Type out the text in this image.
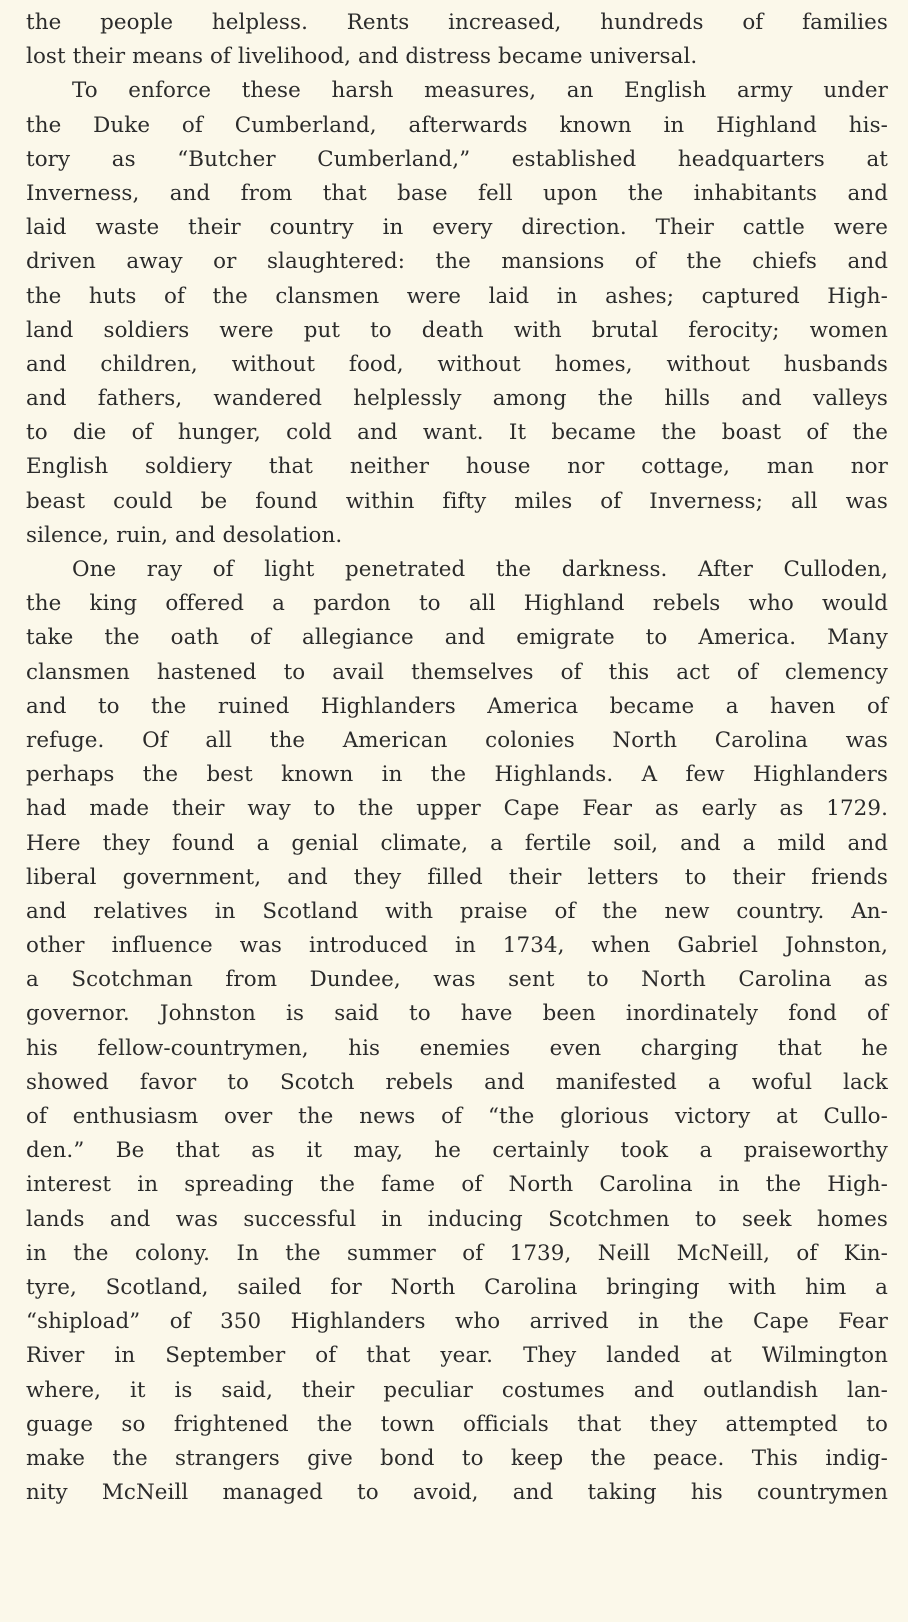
the people helpless. Rents increased, hundreds of families
lost their means of livelihood, and distress became universal.
To enforce these harsh measures, an English army under
the Duke of Cumberland, afterwards known in Highland his-
tory as “Butcher Cumberland,” established headquarters at
Inverness, and from that base fell upon the inhabitants and
laid waste their country in every direction. Their cattle were
driven away or slaughtered: the mansions of the chiefs and
the huts of the clansmen were laid in ashes; captured High-
land soldiers were put to death with brutal ferocity; women
and children, without food, without homes, without husbands
and fathers, wandered helplessly among the hills and valleys
to die of hunger, cold and want. It became the boast of the
English soldiery that neither house nor cottage, man nor
beast could be found within fifty miles of Inverness; all was
silence, ruin, and desolation.
One ray of light penetrated the darkness. After Culloden,
the king offered a pardon to all Highland rebels who would
take the oath of allegiance and emigrate to America. Many
clansmen hastened to avail themselves of this act of clemency
and to the ruined Highlanders America became a haven of
refuge. Of all the American colonies North Carolina was
perhaps the best known in the Highlands. A few Highlanders
had made their way to the upper Cape Fear as early as 1729.
Here they found a genial climate, a fertile soil, and a mild and
liberal government, and they filled their letters to their friends
and relatives in Scotland with praise of the new country. An-
other influence was introduced in 1734, when Gabriel Johnston,
a Scotchman from Dundee, was sent to North Carolina as
governor. Johnston is said to have been inordinately fond of
his fellow-countrymen, his enemies even charging that he
showed favor to Scotch rebels and manifested a woful lack
of enthusiasm over the news of “the glorious victory at Cullo-
den.” Be that as it may, he certainly took a praiseworthy
interest in spreading the fame of North Carolina in the High-
lands and was successful in inducing Scotchmen to seek homes
in the colony. In the summer of 1739, Neill McNeill, of Kin-
tyre, Scotland, sailed for North Carolina bringing with him a
“shipload” of 350 Highlanders who arrived in the Cape Fear
River in September of that year. They landed at Wilmington
where, it is said, their peculiar costumes and outlandish lan-
guage so frightened the town officials that they attempted to
make the strangers give bond to keep the peace. This indig-
nity McNeill managed to avoid, and taking his countrymen
